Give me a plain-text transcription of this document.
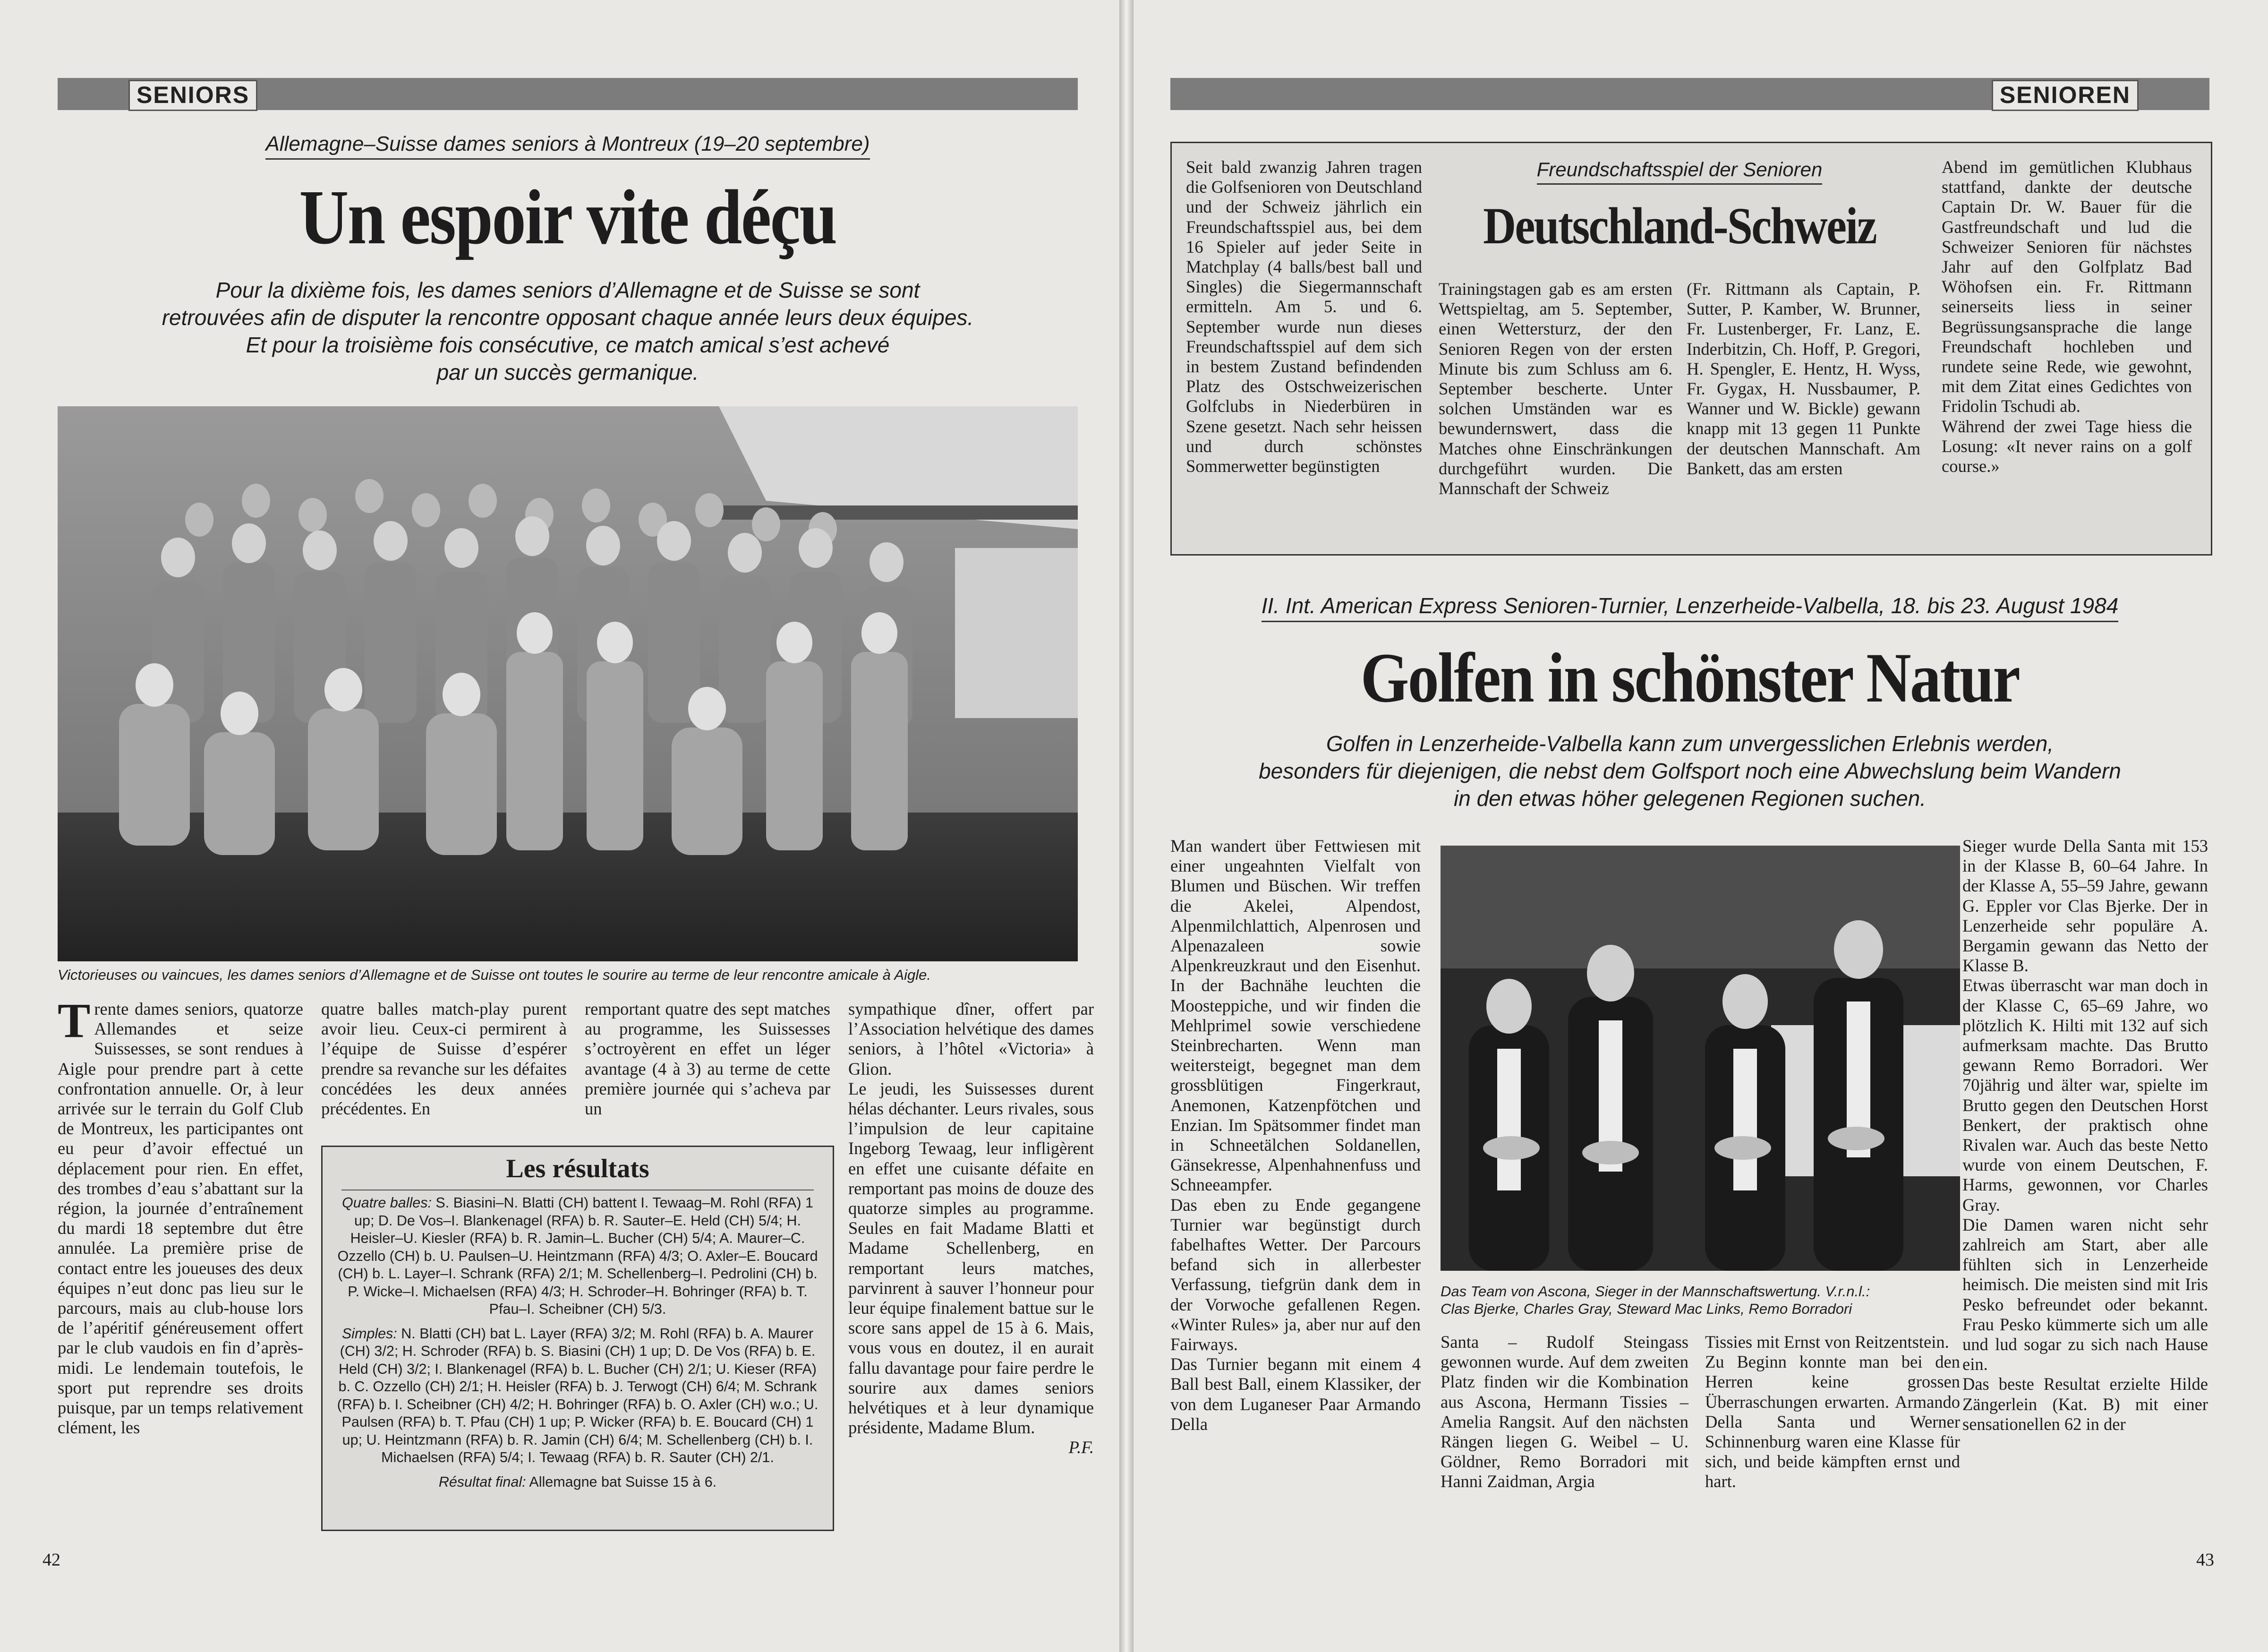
SENIORS
Allemagne–Suisse dames seniors à Montreux (19–20 septembre)
Un espoir vite déçu
Pour la dixième fois, les dames seniors d’Allemagne et de Suisse se sont
retrouvées afin de disputer la rencontre opposant chaque année leurs deux équipes.
Et pour la troisième fois consécutive, ce match amical s’est achevé
par un succès germanique.
Victorieuses ou vaincues, les dames seniors d’Allemagne et de Suisse ont toutes le sourire au terme de leur rencontre amicale à Aigle.
Trente dames seniors, quatorze Allemandes et seize Suissesses, se sont rendues à Aigle pour prendre part à cette confrontation annuelle. Or, à leur arrivée sur le terrain du Golf Club de Montreux, les participantes ont eu peur d’avoir effectué un déplacement pour rien. En effet, des trombes d’eau s’abattant sur la région, la journée d’entraînement du mardi 18 septembre dut être annulée. La première prise de contact entre les joueuses des deux équipes n’eut donc pas lieu sur le parcours, mais au club-house lors de l’apéritif généreusement offert par le club vaudois en fin d’après-midi. Le lendemain toutefois, le sport put reprendre ses droits puisque, par un temps relativement clément, les
quatre balles match-play purent avoir lieu. Ceux-ci permirent à l’équipe de Suisse d’espérer prendre sa revanche sur les défaites concédées les deux années précédentes. En
remportant quatre des sept matches au programme, les Suissesses s’octroyèrent en effet un léger avantage (4 à 3) au terme de cette première journée qui s’acheva par un

sympathique dîner, offert par l’Association helvétique des dames seniors, à l’hôtel «Victoria» à Glion.

Le jeudi, les Suissesses durent hélas déchanter. Leurs rivales, sous l’impulsion de leur capitaine Ingeborg Tewaag, leur infligèrent en effet une cuisante défaite en remportant pas moins de douze des quatorze simples au programme. Seules en fait Madame Blatti et Madame Schellenberg, en remportant leurs matches, parvinrent à sauver l’honneur pour leur équipe finalement battue sur le score sans appel de 15 à 6. Mais, vous vous en doutez, il en aurait fallu davantage pour faire perdre le sourire aux dames seniors helvétiques et à leur dynamique présidente, Madame Blum.

P.F.

Les résultats
Quatre balles: S. Biasini–N. Blatti (CH) battent I. Tewaag–M. Rohl (RFA) 1 up; D. De Vos–I. Blankenagel (RFA) b. R. Sauter–E. Held (CH) 5/4; H. Heisler–U. Kiesler (RFA) b. R. Jamin–L. Bucher (CH) 5/4; A. Maurer–C. Ozzello (CH) b. U. Paulsen–U. Heintzmann (RFA) 4/3; O. Axler–E. Boucard (CH) b. L. Layer–I. Schrank (RFA) 2/1; M. Schellenberg–I. Pedrolini (CH) b. P. Wicke–I. Michaelsen (RFA) 4/3; H. Schroder–H. Bohringer (RFA) b. T. Pfau–I. Scheibner (CH) 5/3.
Simples: N. Blatti (CH) bat L. Layer (RFA) 3/2; M. Rohl (RFA) b. A. Maurer (CH) 3/2; H. Schroder (RFA) b. S. Biasini (CH) 1 up; D. De Vos (RFA) b. E. Held (CH) 3/2; I. Blankenagel (RFA) b. L. Bucher (CH) 2/1; U. Kieser (RFA) b. C. Ozzello (CH) 2/1; H. Heisler (RFA) b. J. Terwogt (CH) 6/4; M. Schrank (RFA) b. I. Scheibner (CH) 4/2; H. Bohringer (RFA) b. O. Axler (CH) w.o.; U. Paulsen (RFA) b. T. Pfau (CH) 1 up; P. Wicker (RFA) b. E. Boucard (CH) 1 up; U. Heintzmann (RFA) b. R. Jamin (CH) 6/4; M. Schellenberg (CH) b. I. Michaelsen (RFA) 5/4; I. Tewaag (RFA) b. R. Sauter (CH) 2/1.
Résultat final: Allemagne bat Suisse 15 à 6.
42
SENIOREN
Seit bald zwanzig Jahren tragen die Golfsenioren von Deutschland und der Schweiz jährlich ein Freundschaftsspiel aus, bei dem 16 Spieler auf jeder Seite in Matchplay (4 balls/best ball und Singles) die Siegermannschaft ermitteln. Am 5. und 6. September wurde nun dieses Freundschaftsspiel auf dem sich in bestem Zustand befindenden Platz des Ostschweizerischen Golfclubs in Niederbüren in Szene gesetzt. Nach sehr heissen und durch schönstes Sommerwetter begünstigten
Freundschaftsspiel der Senioren
Deutschland-Schweiz
Trainingstagen gab es am ersten Wettspieltag, am 5. September, einen Wettersturz, der den Senioren Regen von der ersten Minute bis zum Schluss am 6. September bescherte. Unter solchen Umständen war es bewundernswert, dass die Matches ohne Einschränkungen durchgeführt wurden. Die Mannschaft der Schweiz
(Fr. Rittmann als Captain, P. Sutter, P. Kamber, W. Brunner, Fr. Lustenberger, Fr. Lanz, E. Inderbitzin, Ch. Hoff, P. Gregori, H. Spengler, E. Hentz, H. Wyss, Fr. Gygax, H. Nussbaumer, P. Wanner und W. Bickle) gewann knapp mit 13 gegen 11 Punkte der deutschen Mannschaft. Am Bankett, das am ersten

Abend im gemütlichen Klubhaus stattfand, dankte der deutsche Captain Dr. W. Bauer für die Gastfreundschaft und lud die Schweizer Senioren für nächstes Jahr auf den Golfplatz Bad Wöhofsen ein. Fr. Rittmann seinerseits liess in seiner Begrüssungsansprache die lange Freundschaft hochleben und rundete seine Rede, wie gewohnt, mit dem Zitat eines Gedichtes von Fridolin Tschudi ab.

Während der zwei Tage hiess die Losung: «It never rains on a golf course.»

II. Int. American Express Senioren-Turnier, Lenzerheide-Valbella, 18. bis 23. August 1984
Golfen in schönster Natur
Golfen in Lenzerheide-Valbella kann zum unvergesslichen Erlebnis werden,
besonders für diejenigen, die nebst dem Golfsport noch eine Abwechslung beim Wandern
in den etwas höher gelegenen Regionen suchen.

Man wandert über Fettwiesen mit einer ungeahnten Vielfalt von Blumen und Büschen. Wir treffen die Akelei, Alpendost, Alpenmilchlattich, Alpenrosen und Alpenazaleen sowie Alpenkreuzkraut und den Eisenhut. In der Bachnähe leuchten die Moosteppiche, und wir finden die Mehlprimel sowie verschiedene Steinbrecharten. Wenn man weitersteigt, begegnet man dem grossblütigen Fingerkraut, Anemonen, Katzenpfötchen und Enzian. Im Spätsommer findet man in Schneetälchen Soldanellen, Gänsekresse, Alpenhahnenfuss und Schneeampfer.

Das eben zu Ende gegangene Turnier war begünstigt durch fabelhaftes Wetter. Der Parcours befand sich in allerbester Verfassung, tiefgrün dank dem in der Vorwoche gefallenen Regen. «Winter Rules» ja, aber nur auf den Fairways.

Das Turnier begann mit einem 4 Ball best Ball, einem Klassiker, der von dem Luganeser Paar Armando Della

Das Team von Ascona, Sieger in der Mannschaftswertung. V.r.n.l.:
Clas Bjerke, Charles Gray, Steward Mac Links, Remo Borradori
Santa – Rudolf Steingass gewonnen wurde. Auf dem zweiten Platz finden wir die Kombination aus Ascona, Hermann Tissies – Amelia Rangsit. Auf den nächsten Rängen liegen G. Weibel – U. Göldner, Remo Borradori mit Hanni Zaidman, Argia

Tissies mit Ernst von Reitzentstein.

Zu Beginn konnte man bei den Herren keine grossen Überraschungen erwarten. Armando Della Santa und Werner Schinnenburg waren eine Klasse für sich, und beide kämpften ernst und hart.

Sieger wurde Della Santa mit 153 in der Klasse B, 60–64 Jahre. In der Klasse A, 55–59 Jahre, gewann G. Eppler vor Clas Bjerke. Der in Lenzerheide sehr populäre A. Bergamin gewann das Netto der Klasse B.

Etwas überrascht war man doch in der Klasse C, 65–69 Jahre, wo plötzlich K. Hilti mit 132 auf sich aufmerksam machte. Das Brutto gewann Remo Borradori. Wer 70jährig und älter war, spielte im Brutto gegen den Deutschen Horst Benkert, der praktisch ohne Rivalen war. Auch das beste Netto wurde von einem Deutschen, F. Harms, gewonnen, vor Charles Gray.

Die Damen waren nicht sehr zahlreich am Start, aber alle fühlten sich in Lenzerheide heimisch. Die meisten sind mit Iris Pesko befreundet oder bekannt. Frau Pesko kümmerte sich um alle und lud sogar zu sich nach Hause ein.

Das beste Resultat erzielte Hilde Zängerlein (Kat. B) mit einer sensationellen 62 in der

43
